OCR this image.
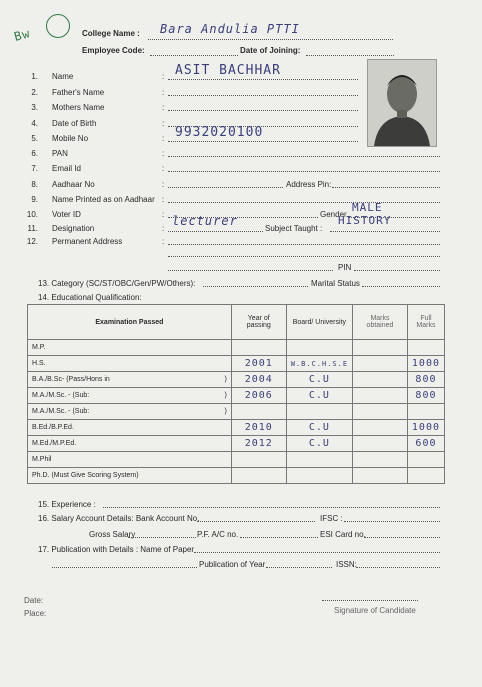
Bw	College Name : Bara Andulia PTTI
Employee Code:	Date of Joining:
1. Name	: ASIT BACHHAR
2. Father's Name	:
3. Mothers Name	:
4. Date of Birth	:
5. Mobile No	: 9932020100
6. PAN	:
7. Email Id	:
8. Aadhaar No	:	Address Pin:
9. Name Printed as on Aadhaar :
10. Voter ID	:	Gender
MALE
11. Designation	:
lecturer
Subject Taught :
HISTORY
12. Permanent Address	:
PIN
13. Category (SC/ST/OBC/Gen/PW/Others):	Marital Status
14. Educational Qualification:
Examination Passed	Year of passing	Board/ University	Marks obtained	Full Marks
M.P.				
H.S.	2001	W.B.C.H.S.E		1000
B.A./B.Sc- (Pass/Hons in )	2004	C.U		800
M.A./M.Sc. - (Sub: )	2006	C.U		800
M.A./M.Sc. - (Sub: )				

B.Ed./B.P.Ed.	2010	C.U		1000
M.Ed./M.P.Ed.	2012	C.U		600
M.Phil				
Ph.D. (Must Give Scoring System)				
15. Experience :
16. Salary Account Details: Bank Account No.	IFSC :
Gross Salary	P.F. A/C no.	ESI Card no.
17. Publication with Details : Name of Paper
Publication of Year	ISSN:
Date:
Place:	Signature of Candidate
